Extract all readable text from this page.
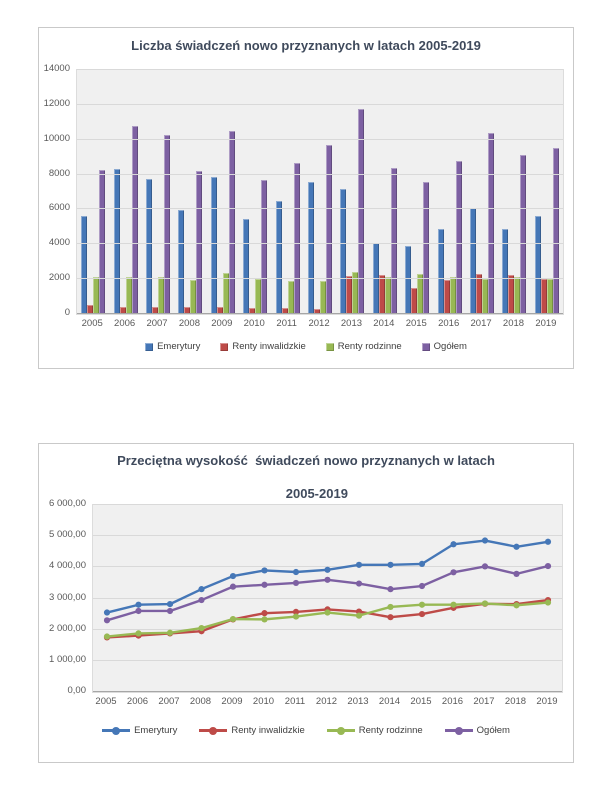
Liczba świadczeń nowo przyznanych w latach 2005-2019
0
2000
4000
6000
8000
10000
12000
14000
2005	2006	2007	2008	2009	2010	2011	2012	2013	2014	2015	2016	2017	2018	2019
Emerytury	Renty inwalidzkie	Renty rodzinne	Ogółem
Przeciętna wysokość  świadczeń nowo przyznanych w latach

2005-2019
0,00
1 000,00
2 000,00
3 000,00
4 000,00
5 000,00
6 000,00
2005 2006 2007 2008 2009 2010 2011 2012 2013 2014 2015 2016 2017 2018 2019
Emerytury	Renty inwalidzkie	Renty rodzinne	Ogółem
